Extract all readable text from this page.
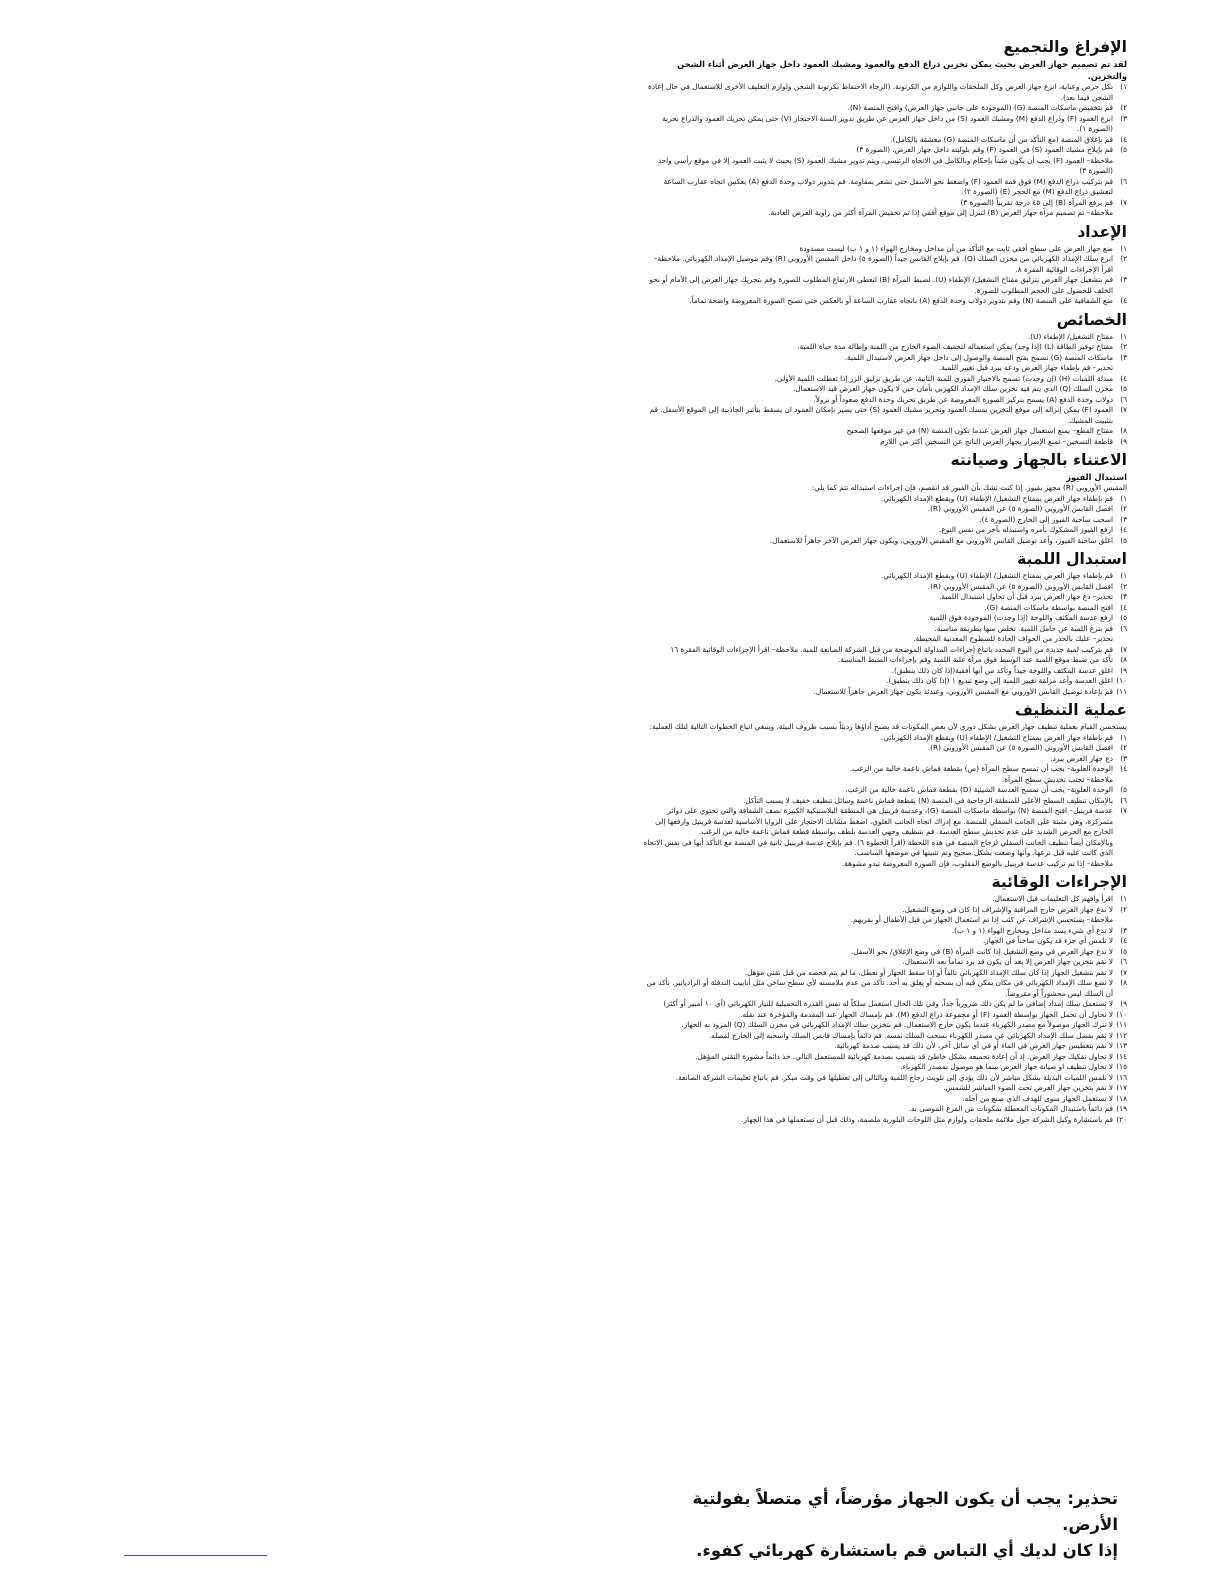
الإفراغ والتجميع

لقد تم تصميم جهاز العرض بحيث يمكن تخزين ذراع الدفع والعمود ومشبك العمود داخل جهاز العرض أثناء الشحن والتخزين.

١)
بكل حرص وعناية، انزع جهاز العرض وكل الملحقات واللوازم من الكرتونة. (الرجاء الاحتفاظ بكرتونة الشحن ولوازم التغليف الأخرى للاستعمال في حال إعادة الشحن فيما بعد).
٢)
قم بتخفيض ماسكات المنصة (G) (الموجودة على جانبي جهاز العرض) وافتح المنصة (N).
٣)
انزع العمود (F) وذراع الدفع (M) ومشبك العمود (S) من داخل جهاز العرض عن طريق تدوير السنة الاحتجاز (V) حتى يمكن تحريك العمود والذراع بحرية (الصورة ١).
٤)
قم بإغلاق المنصة (مع التأكد من أن ماسكات المنصة (G) معشقة بالكامل).
٥)
قم بإيلاج مشبك العمود (S) في العمود (F) وقم بلولبته داخل جهاز العرض. (الصورة ٣)
ملاحظة– العمود (F) يجب أن يكون مثبتاً بإحكام وبالكامل في الاتجاه الرئيسي، ويتم تدوير مشبك العمود (S) بحيث لا يثبت العمود إلا في موقع رأسي واحد (الصورة ٣)
٦)
قم بتركيب ذراع الدفع (M) فوق قمة العمود (F) واضغط نحو الأسفل حتى تشعر بمقاومة. قم بتدوير دولاب وحدة الدفع (A) بعكس اتجاه عقارب الساعة لتعشيق ذراع الدفع (M) مع الحجر (E) (الصورة ٢).
٧)
قم برفع المرآة (B) إلى ٤٥ درجة تقريباً (الصورة ٣)
ملاحظة– تم تصميم مرآة جهاز العرض (B) لتنزل إلى موقع أفقي إذا تم تخفيض المرآة أكثر من زاوية العرض العادية.
الإعداد
١)
ضع جهاز العرض على سطح أفقي ثابت مع التأكد من أن مداخل ومخارج الهواء (١ و ١ ب) ليست مسدودة
٢)
انزع سلك الإمداد الكهربائي من مخزن السلك (Q). قم بإيلاج القابس جيداً (الصورة ٥) داخل المقبس الأوروبي (R) وقم بتوصيل الإمداد الكهربائي. ملاحظة– اقرأ الإجراءات الوقائية الفقرة ٨.
٣)
قم بتشغيل جهاز العرض بتزليق مفتاح التشغيل/ الإطفاء (U). لضبط المرآة (B) لتعطي الارتفاع المطلوب للصورة وقم بتحريك جهاز العرض إلى الأمام أو نحو الخلف للحصول على الحجم المطلوب للصورة.
٤)
ضع الشفافية على المنصة (N) وقم بتدوير دولاب وحدة الدفع (A) باتجاه عقارب الساعة أو بالعكس حتى تصبح الصورة المعروضة واضحة تماماً.
الخصائص
١)
مفتاح التشغيل/ الإطفاء (U).
٢)
مفتاح توفير الطاقة (L) (إذا وجد) يمكن استعماله لتخفيف الضوء الخارج من اللمبة وإطالة مدة حياة اللمبة.
٣)
ماسكات المنصة (G) تسمح بفتح المنصة والوصول إلى داخل جهاز العرض لاستبدال اللمبة.
تحذير– قم بإطفاء جهاز العرض ودعه يبرد قبل تغيير اللمبة.
٤)
مبدلة اللمبات (H) (إن وجدت) تسمح بالاختيار الفوري للمبة الثانية، عن طريق تزليق الزر إذا تعطلت اللمبة الأولى.
٥)
مخزن السلك (Q) الذي يتم فيه تخزين سلك الإمداد الكهربي بأمان حين لا يكون جهاز العرض قيد الاستعمال.
٦)
دولاب وحدة الدفع (A) يسمح بتركيز الصورة المعروضة عن طريق تحريك وحدة الدفع صعوداً أو نزولاً.
٧)
العمود (F) يمكن إنزاله إلى موقع التخزين بمسك العمود وتحرير مشبك العمود (S) حتى يصير بإمكان العمود ان يسقط بتأثير الجاذبية إلى الموقع الأسفل. قم بتثبيت المشبك.
٨)
مفتاح القطع– يمنع استعمال جهاز العرض عندما تكون المنصة (N) في غير موقعها الصحيح
٩)
قاطعة التسخين– تمنع الإضرار بجهاز العرض الناتج عن التسخين أكثر من اللازم
الاعتناء بالجهاز وصيانته

استبدال الفيوز

المقبس الأوروبي (R) مجهز بفيوز. إذا كنت تشك بأن الفيوز قد انقصم، فإن إجراءات استبداله تتم كما يلي:

١)
قم بإطفاء جهاز العرض بمفتاح التشغيل/ الإطفاء (U) وبقطع الإمداد الكهربائي.
٢)
افصل القابس الأوروبي (الصورة ٥) عن المقبس الأوروبي (R).
٣)
اسحب ساحبة الفيوز إلى الخارج (الصورة ٤).
٤)
ارفع الفيوز المشكوك بأمره واستبدله بآخر من نفس النوع.
٥)
اغلق ساحبة الفيوز، وأعد توصيل القابس الأوروبي مع المقبس الأوروبي، ويكون جهاز العرض الآخر جاهزاً للاستعمال.
استبدال اللمبة
١)
قم بإطفاء جهاز العرض بمفتاح التشغيل/ الإطفاء (U) وبقطع الإمداد الكهربائي.
٢)
افصل القابس الأوروبي (الصورة ٥) عن المقبس الأوروبي (R).
٣)
تحذير– دع جهاز العرض يبرد قبل أن تحاول استبدال اللمبة.
٤)
افتح المنصة بواسطة ماسكات المنصة (G).
٥)
ارفع عدسة المكثف واللوحة (إذا وجدت) الموجودة فوق اللمبة.
٦)
قم بنزع اللمبة عن حامل اللمبة. تخلص منها بطريقة مناسبة.
تحذير– عليك بالحذر من الحواف الحادة للسطوح المعدنية المحيطة.
٧)
قم بتركيب لمبة جديدة من النوع المحدد باتباع إجراءات المداولة الموضحة من قبل الشركة الصانعة للمبة. ملاحظة– اقرأ الإجراءات الوقائية الفقرة ١٦
٨)
تأكد من ضبط موقع اللمبة عند الوسط فوق مرآة علبة اللمبة وقم بإجراءات الضبط المناسبة.
٩)
اغلق عدسة المكثف واللوحة جيداً وتأكد من أنها أفقية(إذا كان ذلك ينطبق).
١٠)
اغلق العدسة وأعد مزلقة تغيير اللمبة إلى وضع تبديع ١ (إذا كان ذلك ينطبق).
١١)
قم بإعادة توصيل القابس الأوروبي مع المقبس الأوروبي، وعندئذ يكون جهاز العرض جاهزاً للاستعمال.
عملية التنظيف

يستحسن القيام بعملية تنظيف جهاز العرض بشكل دوري لأن بعض المكونات قد يصبح أداؤها رديئاً بسبب ظروف البيئة. وينبغي اتباع الخطوات التالية لتلك العملية:

١)
قم بإطفاء جهاز العرض بمفتاح التشغيل/ الإطفاء (U) وبقطع الإمداد الكهربائي.
٢)
افصل القابس الأوروبي (الصورة ٥) عن المقبس الأوروبي (R).
٣)
دع جهاز العرض يبرد.
٤)
الوحدة العلوية– يجب أن تمسح سطح المرآة (ص) بقطعة قماش ناعمة خالية من الزغب.
ملاحظة– تجنب تخديش سطح المرآة.
٥)
الوحدة العلوية– يجب أن تمسح العدسة الشيئية (D) بقطعة قماش ناعمة خالية من الزغب.
٦)
بالإمكان تنظيف السطح الأعلى للمنطقة الزجاجية في المنصة (N) بقطعة قماش ناعمة وسائل تنظيف خفيف لا يسبب التآكل.
٧)
عدسة فرينيل– افتح المنصة (N) بواسطة ماسكات المنصة (G)، وعدسة فرينيل هي المنطقة البلاستيكية الكبيرة نصف الشفافة والتي تحتوي على دوائر متمركزة، وهي مثبتة على الجانب السفلي للمنصة. مع إدراك اتجاه الجانب العلوي، اضغط مشابك الاحتجاز على الزوايا الأساسية لعدسة فرينيل وارفعها إلى الخارج مع الحرص الشديد على عدم تخديش سطح العدسة. قم بتنظيف وجهي العدسة بلطف بواسطة قطعة قماش ناعمة خالية من الزغب.
وبالإمكان أيضاً تنظيف الجانب السفلي لزجاج المنصة في هذه اللحظة (اقرأ الخطوة ٦). قم بإيلاج عدسة فرينيل ثانية في المنصة مع التأكد أنها في نفس الاتجاه الذي كانت عليه قبل نزعها، وأنها وضعت بشكل صحيح وتم تثبيتها في موضعها المناسب.
ملاحظة– إذا تم تركيب عدسة فرينيل بالوضع المقلوب، فإن الصورة المعروضة تبدو مشوهة.
الإجراءات الوقائية
١)
اقرأ وافهم كل التعليمات قبل الاستعمال.
٢)
لا تدع جهاز العرض خارج المراقبة والإشراف إذا كان في وضع التشغيل.
ملاحظة– يستحسن الإشراف عن كثب إذا تم استعمال الجهاز من قبل الأطفال أو بقربهم.
٣)
لا تدع أي شيء يسد مداخل ومخارج الهواء (١ و ١ ب).
٤)
لا تلمس أي جزء قد يكون ساخناً في الجهاز.
٥)
لا تدع جهاز العرض في وضع التشغيل إذا كانت المرآة (B) في وضع الإغلاق/ نحو الأسفل.
٦)
لا تقم بتخزين جهاز العرض إلا بعد أن يكون قد برد تماماً بعد الاستعمال.
٧)
لا تقم بتشغيل الجهاز إذا كان سلك الإمداد الكهربائي تالفاً أو إذا سقط الجهاز أو تعطل، ما لم يتم فحصه من قبل تقني مؤهل.
٨)
لا تضع سلك الإمداد الكهربائي في مكان يمكن فيه أن يسحبه أو يعلق به أحد. تأكد من عدم ملامسته لأي سطح ساخن مثل أنابيب التدفئة أو الرادياتير. تأكد من أن السلك ليس محشوراً أو مقروصاً.
٩)
لا تستعمل سلك إمداد إضافي ما لم يكن ذلك ضرورياً جداً، وفي تلك الحال استعمل سلكاً له نفس القدرة التحميلية للتيار الكهربائي (أي ١٠ أمبير أو أكثر)
١٠)
لا تحاول أن تحمل الجهاز بواسطة العمود (F) أو مجموعة ذراع الدفع (M). قم بإمساك الجهاز عند المقدمة والمؤخرة عند نقله.
١١)
لا تترك الجهاز موصولاً مع مصدر الكهرباء عندما يكون خارج الاستعمال. قم بتخزين سلك الإمداد الكهربائي في مخزن السلك (Q) المزود به الجهاز.
١٢)
لا تقم بفصل سلك الإمداد الكهربائي عن مصدر الكهرباء بسحب السلك نفسه. قم دائماً بإمساك قابس السلك واسحبه إلى الخارج لفصله.
١٣)
لا تقم بتغطيس جهاز العرض في الماء أو في أي سائل آخر، لأن ذلك قد يسبب صدمة كهربائية.
١٤)
لا تحاول تفكيك جهاز العرض. إذ أن إعادة تجميعه بشكل خاطئ قد يتسبب بصدمة كهربائية للمستعمل التالي. خذ دائماً مشورة التقني المؤهل.
١٥)
لا تحاول تنظيف او صيانة جهاز العرض بينما هو موصول بمصدر الكهرباء.
١٦)
لا تلمس اللمبات البديلة بشكل مباشر لأن ذلك يؤدي إلى تلويث زجاج اللمبة وبالتالي إلى تعطيلها في وقت مبكر. قم باتباع تعليمات الشركة الصانعة.
١٧)
لا تقم بتخزين جهاز العرض تحت الضوء المباشر للشمس.
١٨)
لا تستعمل الجهاز سوى للهدف الذي صنع من أجله.
١٩)
قم دائماً باستبدال المكونات المعطلة بمكونات من الفرع الموصى به.
٢٠)
قم باستشارة وكيل الشركة حول ملائمة ملحقات ولوازم مثل اللوحات البلورية ملصمة، وذلك قبل أن تستعملها في هذا الجهاز.
تحذير: يجب أن يكون الجهاز مؤرضاً، أي متصلاً بفولتية الأرض.
إذا كان لديك أي التباس قم باستشارة كهربائي كفوء.
